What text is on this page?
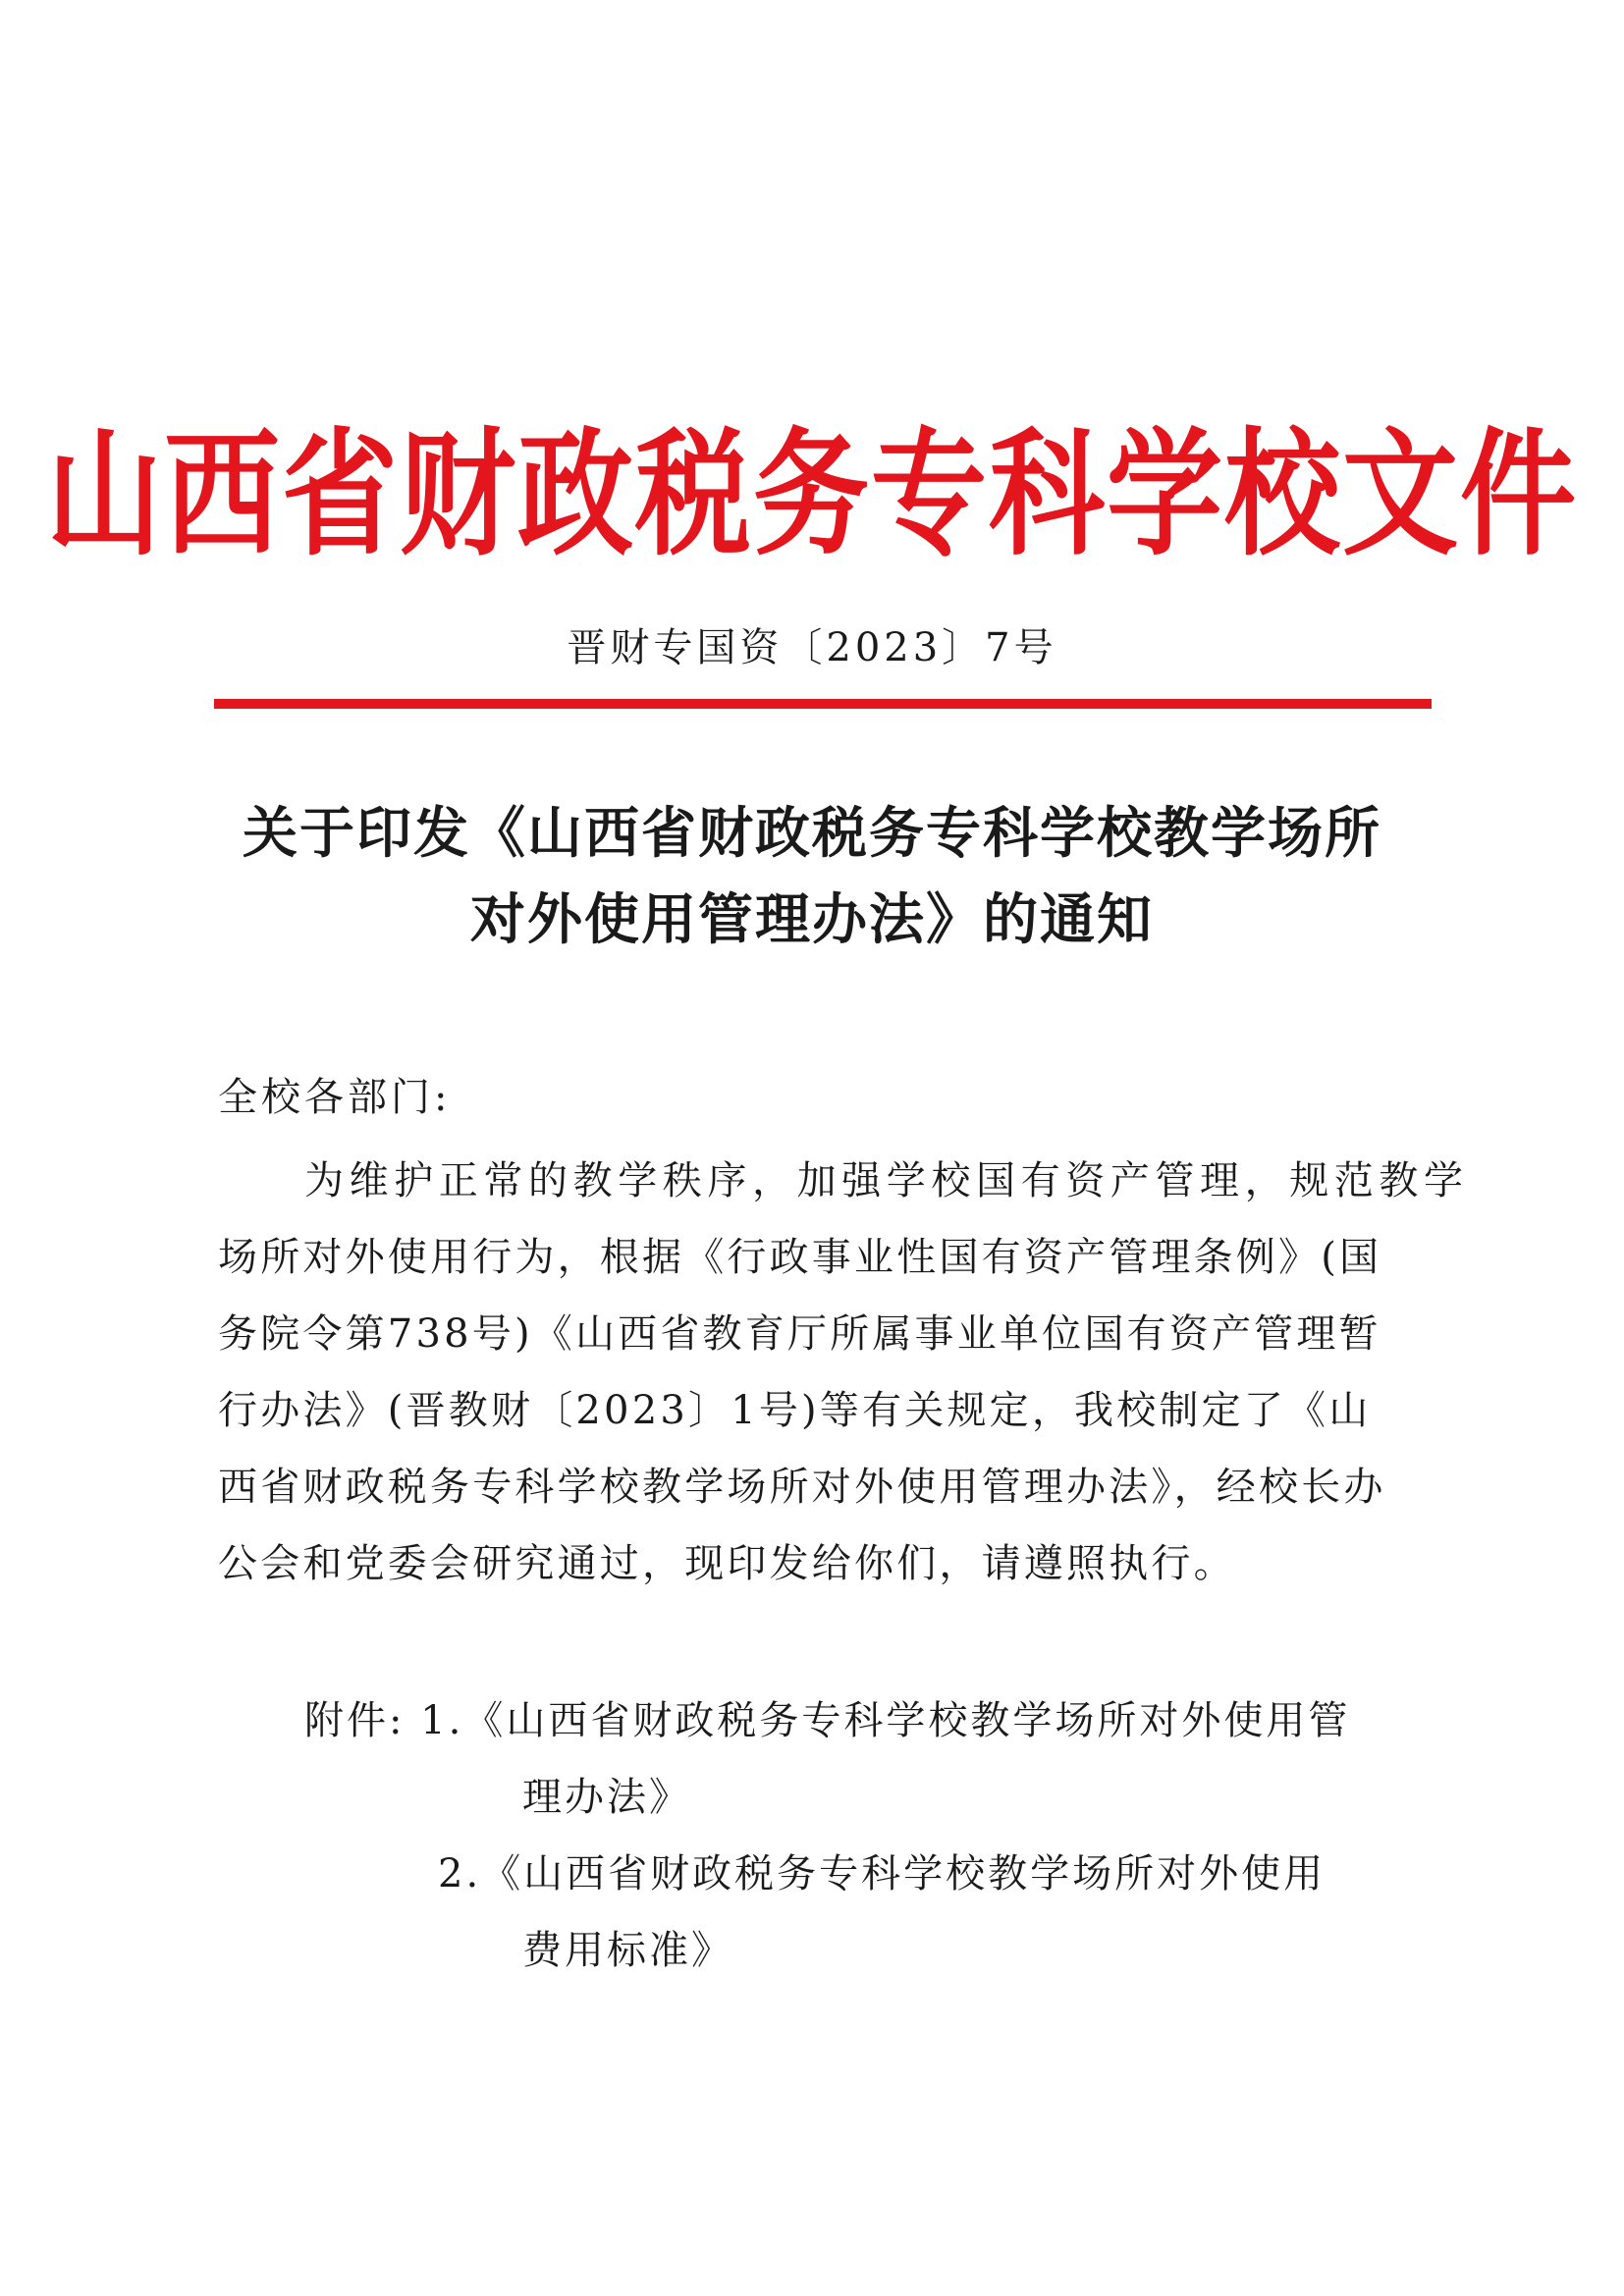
山西省财政税务专科学校文件
晋财专国资〔2023〕7号
关于印发《山西省财政税务专科学校教学场所
对外使用管理办法》的通知
全校各部门:
为维护正常的教学秩序，加强学校国有资产管理，规范教学
场所对外使用行为，根据《行政事业性国有资产管理条例》(国
务院令第738号)《山西省教育厅所属事业单位国有资产管理暂
行办法》(晋教财〔2023〕1号)等有关规定，我校制定了《山
西省财政税务专科学校教学场所对外使用管理办法》，经校长办
公会和党委会研究通过，现印发给你们，请遵照执行。
附件: 1.《山西省财政税务专科学校教学场所对外使用管
理办法》
2.《山西省财政税务专科学校教学场所对外使用
费用标准》
